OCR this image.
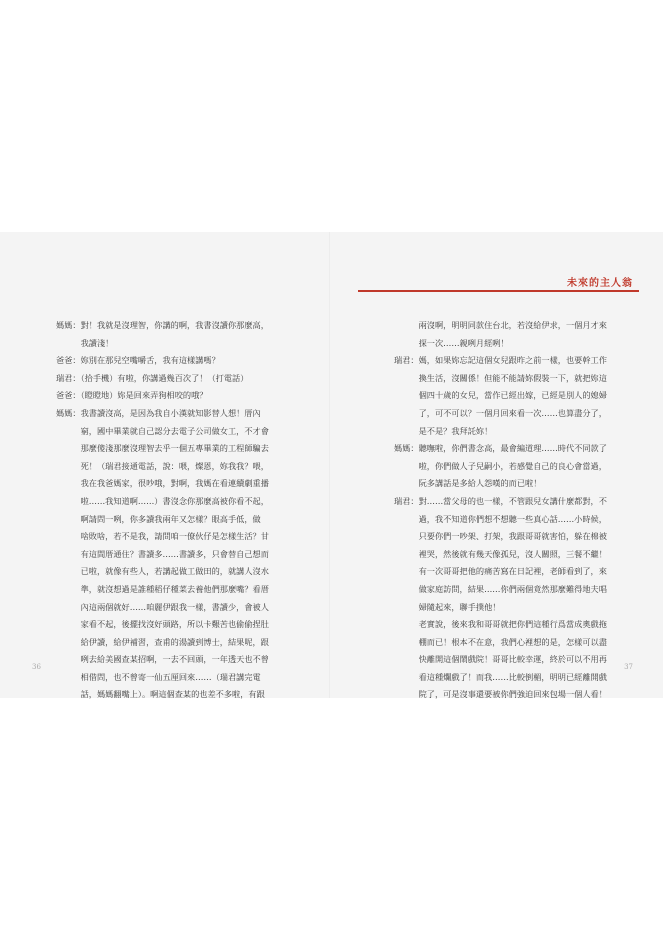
媽媽：對！我就是沒理智，你講的啊，我書沒讀你那麼高，
　　　我讀淺！
爸爸：妳別在那兒空嘴嚼舌，我有這樣講嗎？
瑞君：（拾手機）有啦，你講過幾百次了！（打電話）
爸爸：（瞪瞪地）妳是回來弄狗相咬的哦？
媽媽：我書讀沒高，是因為我自小漢就知影替人想！厝內
　　　窮，國中畢業就自己認分去電子公司做女工，不才會
　　　那麼傻淺那麼沒理智去乎一個五專畢業的工程師騙去
　　　死！（瑞君接通電話，說：喂，燦恩，妳我我？喂，
　　　我在我爸媽家，很吵哦，對啊，我媽在看連續劇重播
　　　啦……我知道啊……）書沒念你那麼高被你看不起，
　　　啊請問一咧，你多讀我兩年又怎樣？眼高手低，做
　　　啥敗啥，若不是我，請問咱一僚伙仔是怎樣生活？甘
　　　有這間厝通住？書讀多……書讀多，只會替自己想而
　　　已啦，就像有些人，若講起做工做田的，就講人沒水
　　　準，就沒想過是誰種稻仔種菜去養他們那麼嘴？看厝
　　　內這兩個就好……咱麗伊跟我一樣，書讀少，會被人
　　　家看不起，後擺找沒好頭路，所以卡艱苦也偷偷捏肚
　　　給伊讀，給伊補習，查甫的湯讀到博士，結果呢，跟
　　　咧去給美國查某招啊，一去不回頭，一年透天也不曾
　　　相借問，也不曾寄一仙五厘回來……（瑞君講完電
　　　話，媽媽翻嘴上）。啊這個查某的也差不多啦，有跟
36
未來的主人翁
　　　兩沒啊，明明同款住台北，若沒給伊求，一個月才來
　　　探一次……親咧月經咧！
瑞君：媽，如果妳忘記這個女兒跟昨之前一樣，也要幹工作
　　　換生活，沒關係！但能不能請妳假裝一下，就把妳這
　　　個四十歲的女兒，當作已經出嫁，已經是別人的媳婦
　　　了，可不可以？一個月回來看一次……也算盡分了，
　　　是不是？我拜託妳！
媽媽：聽嘸啦，你們書念高，最會編道理……時代不同款了
　　　啦，你們做人子兒嗣小，若感覺自己的良心會當過，
　　　阮多講話是多給人怨嘆的而已啦！
瑞君：對……當父母的也一樣，不管跟兒女講什麼都對，不
　　　過，我不知道你們想不想聽一些真心話……小時候，
　　　只要你們一吵架、打架，我跟哥哥就害怕，躲在棉被
　　　裡哭，然後就有幾天像孤兒，沒人關照，三餐不繼！
　　　有一次哥哥把他的痛苦寫在日記裡，老師看到了，來
　　　做家庭訪問，結果……你們兩個竟然那麼難得地夫唱
　　　婦隨起來，聯手撲他！
　　　老實說，後來我和哥哥就把你們這種行爲當成奧戲拖
　　　棚而已！根本不在意，我們心裡想的是，怎樣可以盡
　　　快離開這個鬧戲院！哥哥比較幸運，終於可以不用再
　　　看這種爛戲了！而我……比較倒楣，明明已經離開戲
　　　院了，可是沒事還要被你們強迫回來包場一個人看！
37
